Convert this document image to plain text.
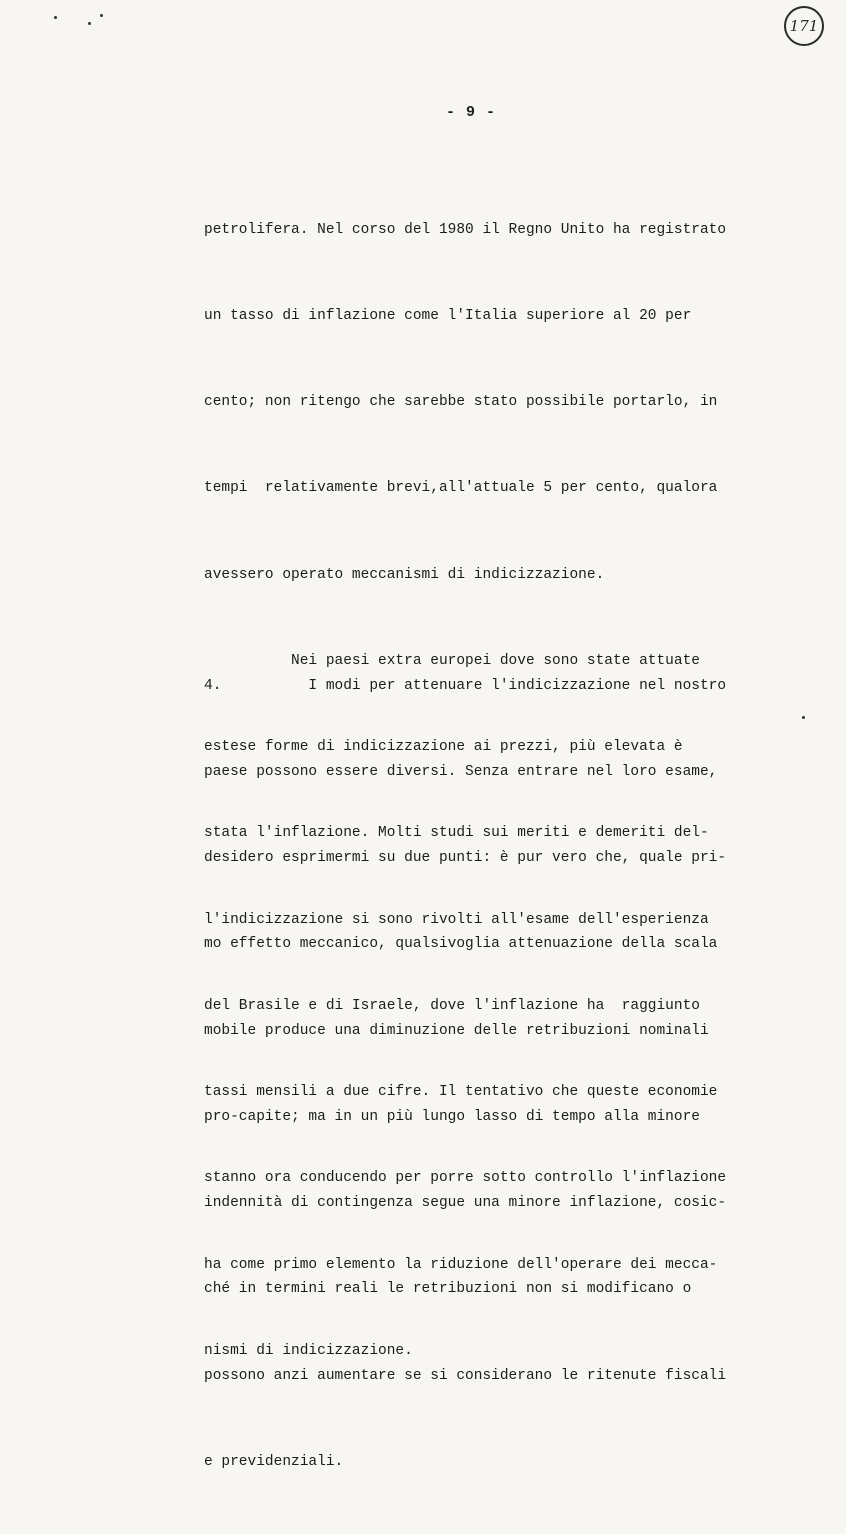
171
- 9 -

petrolifera. Nel corso del 1980 il Regno Unito ha registrato

un tasso di inflazione come l'Italia superiore al 20 per

cento; non ritengo che sarebbe stato possibile portarlo, in

tempi  relativamente brevi,all'attuale 5 per cento, qualora

avessero operato meccanismi di indicizzazione.

Nei paesi extra europei dove sono state attuate

estese forme di indicizzazione ai prezzi, più elevata è

stata l'inflazione. Molti studi sui meriti e demeriti del-

l'indicizzazione si sono rivolti all'esame dell'esperienza

del Brasile e di Israele, dove l'inflazione ha  raggiunto

tassi mensili a due cifre. Il tentativo che queste economie

stanno ora conducendo per porre sotto controllo l'inflazione

ha come primo elemento la riduzione dell'operare dei mecca-

nismi di indicizzazione.

4.          I modi per attenuare l'indicizzazione nel nostro

paese possono essere diversi. Senza entrare nel loro esame,

desidero esprimermi su due punti: è pur vero che, quale pri-

mo effetto meccanico, qualsivoglia attenuazione della scala

mobile produce una diminuzione delle retribuzioni nominali

pro-capite; ma in un più lungo lasso di tempo alla minore

indennità di contingenza segue una minore inflazione, cosic-

ché in termini reali le retribuzioni non si modificano o

possono anzi aumentare se si considerano le ritenute fiscali

e previdenziali.
